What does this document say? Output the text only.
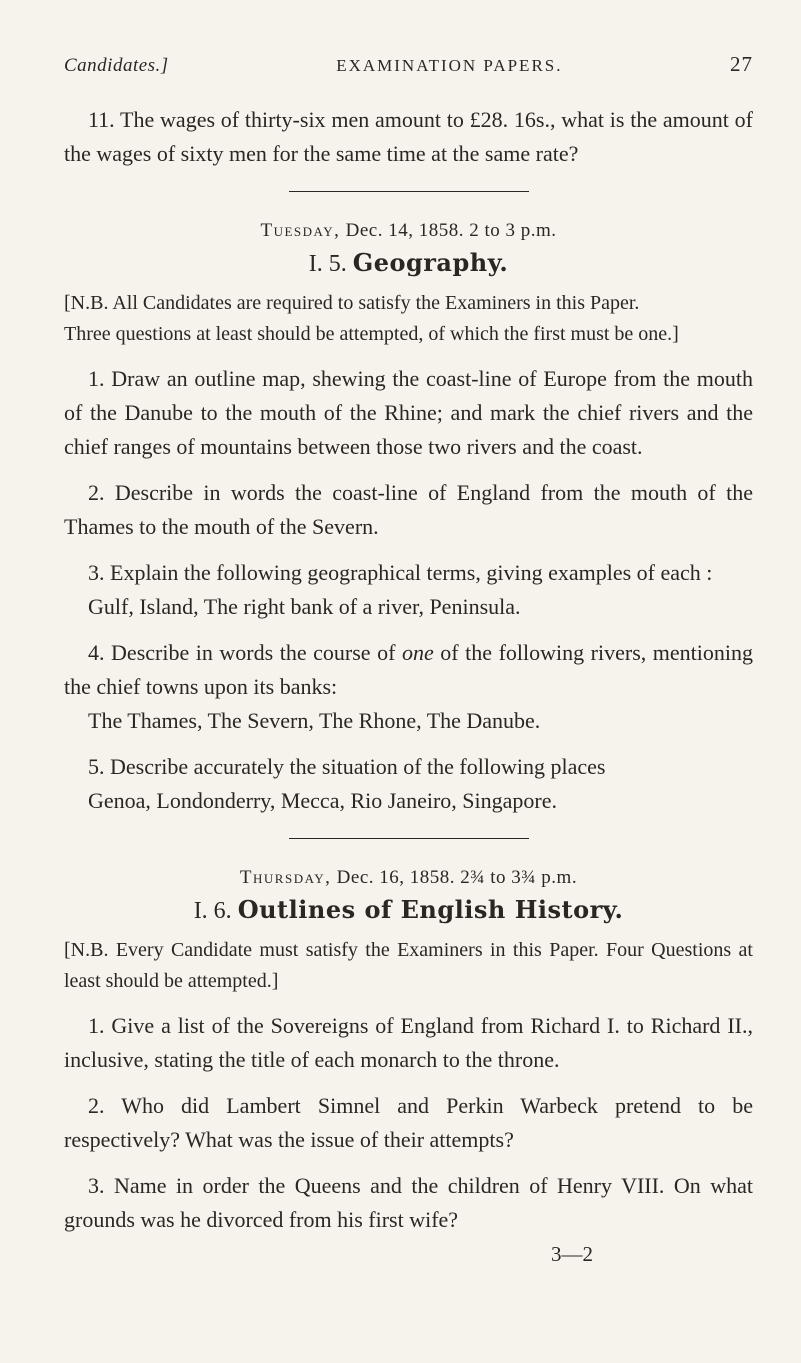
Candidates.]	EXAMINATION PAPERS.	27

11. The wages of thirty-six men amount to £28. 16s., what is the amount of the wages of sixty men for the same time at the same rate?

Tuesday, Dec. 14, 1858. 2 to 3 p.m.
I. 5. Geography.

[N.B. All Candidates are required to satisfy the Examiners in this Paper.

Three questions at least should be attempted, of which the first must be one.]

1. Draw an outline map, shewing the coast-line of Europe from the mouth of the Danube to the mouth of the Rhine; and mark the chief rivers and the chief ranges of mountains between those two rivers and the coast.

2. Describe in words the coast-line of England from the mouth of the Thames to the mouth of the Severn.

3. Explain the following geographical terms, giving examples of each :

Gulf, Island, The right bank of a river, Peninsula.

4. Describe in words the course of one of the following rivers, mentioning the chief towns upon its banks:

The Thames, The Severn, The Rhone, The Danube.

5. Describe accurately the situation of the following places

Genoa, Londonderry, Mecca, Rio Janeiro, Singapore.

Thursday, Dec. 16, 1858. 2¾ to 3¾ p.m.
I. 6. Outlines of English History.

[N.B. Every Candidate must satisfy the Examiners in this Paper. Four Questions at least should be attempted.]

1. Give a list of the Sovereigns of England from Richard I. to Richard II., inclusive, stating the title of each monarch to the throne.

2. Who did Lambert Simnel and Perkin Warbeck pretend to be respectively? What was the issue of their attempts?

3. Name in order the Queens and the children of Henry VIII. On what grounds was he divorced from his first wife?

3—2
